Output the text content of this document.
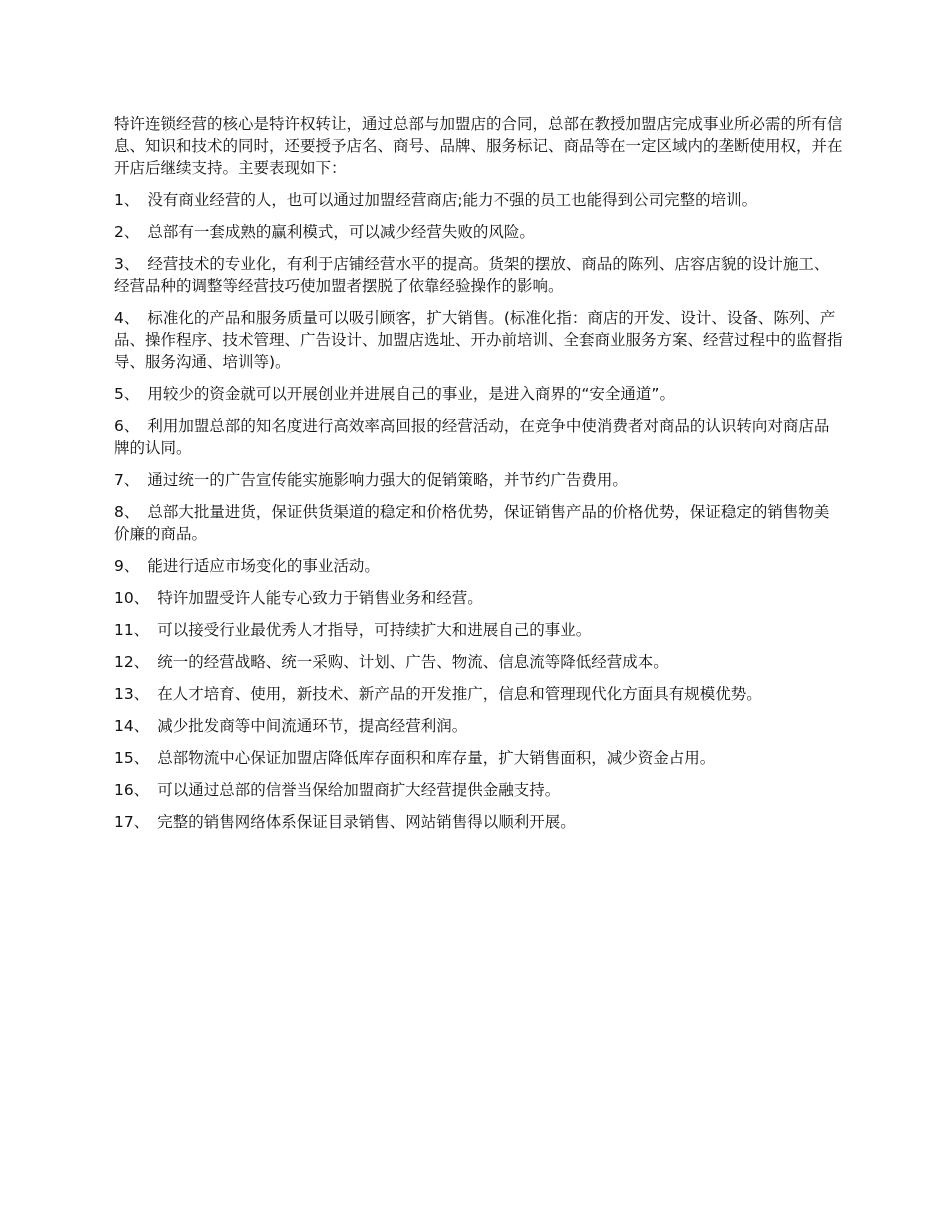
特许连锁经营的核心是特许权转让，通过总部与加盟店的合同，总部在教授加盟店完成事业所必需的所有信息、知识和技术的同时，还要授予店名、商号、品牌、服务标记、商品等在一定区域内的垄断使用权，并在开店后继续支持。主要表现如下：

1、 没有商业经营的人，也可以通过加盟经营商店;能力不强的员工也能得到公司完整的培训。

2、 总部有一套成熟的赢利模式，可以减少经营失败的风险。

3、 经营技术的专业化，有利于店铺经营水平的提高。货架的摆放、商品的陈列、店容店貌的设计施工、经营品种的调整等经营技巧使加盟者摆脱了依靠经验操作的影响。

4、 标准化的产品和服务质量可以吸引顾客，扩大销售。(标准化指：商店的开发、设计、设备、陈列、产品、操作程序、技术管理、广告设计、加盟店选址、开办前培训、全套商业服务方案、经营过程中的监督指导、服务沟通、培训等)。

5、 用较少的资金就可以开展创业并进展自己的事业，是进入商界的“安全通道”。

6、 利用加盟总部的知名度进行高效率高回报的经营活动，在竞争中使消费者对商品的认识转向对商店品牌的认同。

7、 通过统一的广告宣传能实施影响力强大的促销策略，并节约广告费用。

8、 总部大批量进货，保证供货渠道的稳定和价格优势，保证销售产品的价格优势，保证稳定的销售物美价廉的商品。

9、 能进行适应市场变化的事业活动。

10、 特许加盟受许人能专心致力于销售业务和经营。

11、 可以接受行业最优秀人才指导，可持续扩大和进展自己的事业。

12、 统一的经营战略、统一采购、计划、广告、物流、信息流等降低经营成本。

13、 在人才培育、使用，新技术、新产品的开发推广，信息和管理现代化方面具有规模优势。

14、 减少批发商等中间流通环节，提高经营利润。

15、 总部物流中心保证加盟店降低库存面积和库存量，扩大销售面积，减少资金占用。

16、 可以通过总部的信誉当保给加盟商扩大经营提供金融支持。

17、 完整的销售网络体系保证目录销售、网站销售得以顺利开展。
